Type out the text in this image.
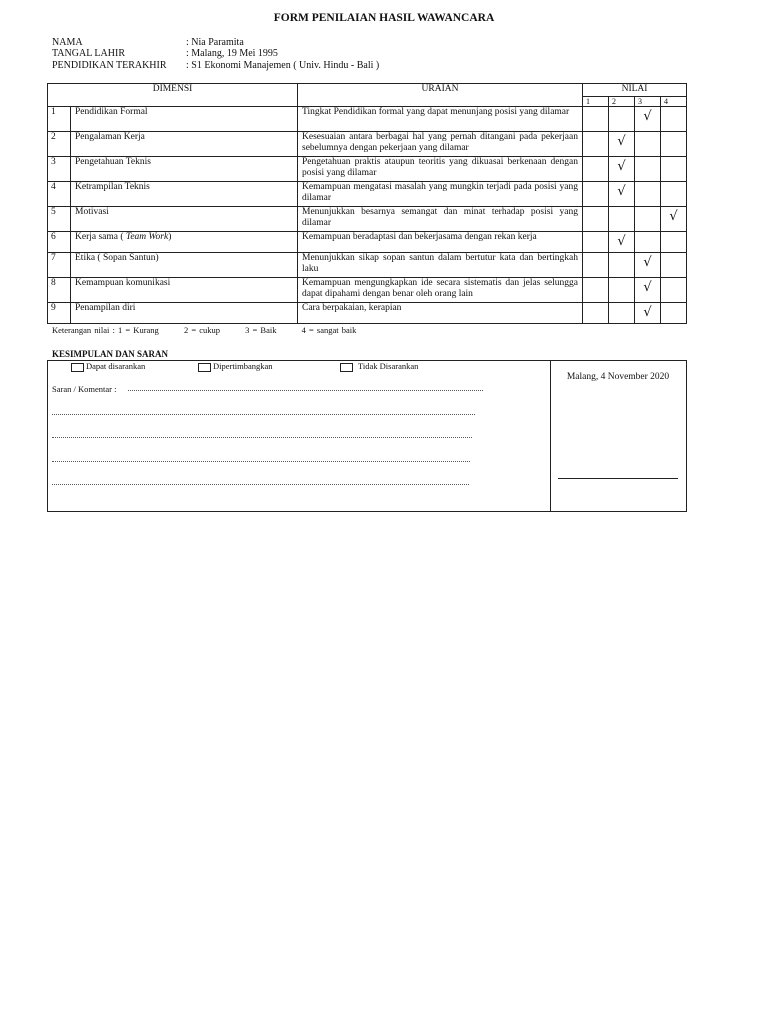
FORM PENILAIAN HASIL WAWANCARA
NAMA	: Nia Paramita
TANGAL LAHIR	: Malang, 19 Mei 1995
PENDIDIKAN TERAKHIR : S1 Ekonomi Manajemen ( Univ. Hindu - Bali )
DIMENSI		URAIAN	NILAI			
			1	2	3	4
1	Pendidikan Formal	Tingkat Pendidikan formal yang dapat menunjang posisi yang dilamar			√	
2	Pengalaman Kerja	Kesesuaian antara berbagai hal yang pernah ditangani pada pekerjaan sebelumnya dengan pekerjaan yang dilamar		√		
3	Pengetahuan Teknis	Pengetahuan praktis ataupun teoritis yang dikuasai berkenaan dengan posisi yang dilamar		√		
4	Ketrampilan Teknis	Kemampuan mengatasi masalah yang mungkin terjadi pada posisi yang dilamar		√		
5	Motivasi	Menunjukkan besarnya semangat dan minat terhadap posisi yang dilamar				√
6	Kerja sama ( Team Work)	Kemampuan beradaptasi dan bekerjasama dengan rekan kerja		√		
7	Etika ( Sopan Santun)	Menunjukkan sikap sopan santun dalam bertutur kata dan bertingkah laku			√	
8	Kemampuan komunikasi	Kemampuan mengungkapkan ide secara sistematis dan jelas selungga dapat dipahami dengan benar oleh orang lain			√	
9	Penampilan diri	Cara berpakaian, kerapian			√	
Keterangan nilai : 1 = Kurang	2 = cukup	3 = Baik	4 = sangat baik
KESIMPULAN DAN SARAN
Dapat disarankan	Dipertimbangkan	Tidak Disarankan
Saran / Komentar :
Malang, 4 November 2020
